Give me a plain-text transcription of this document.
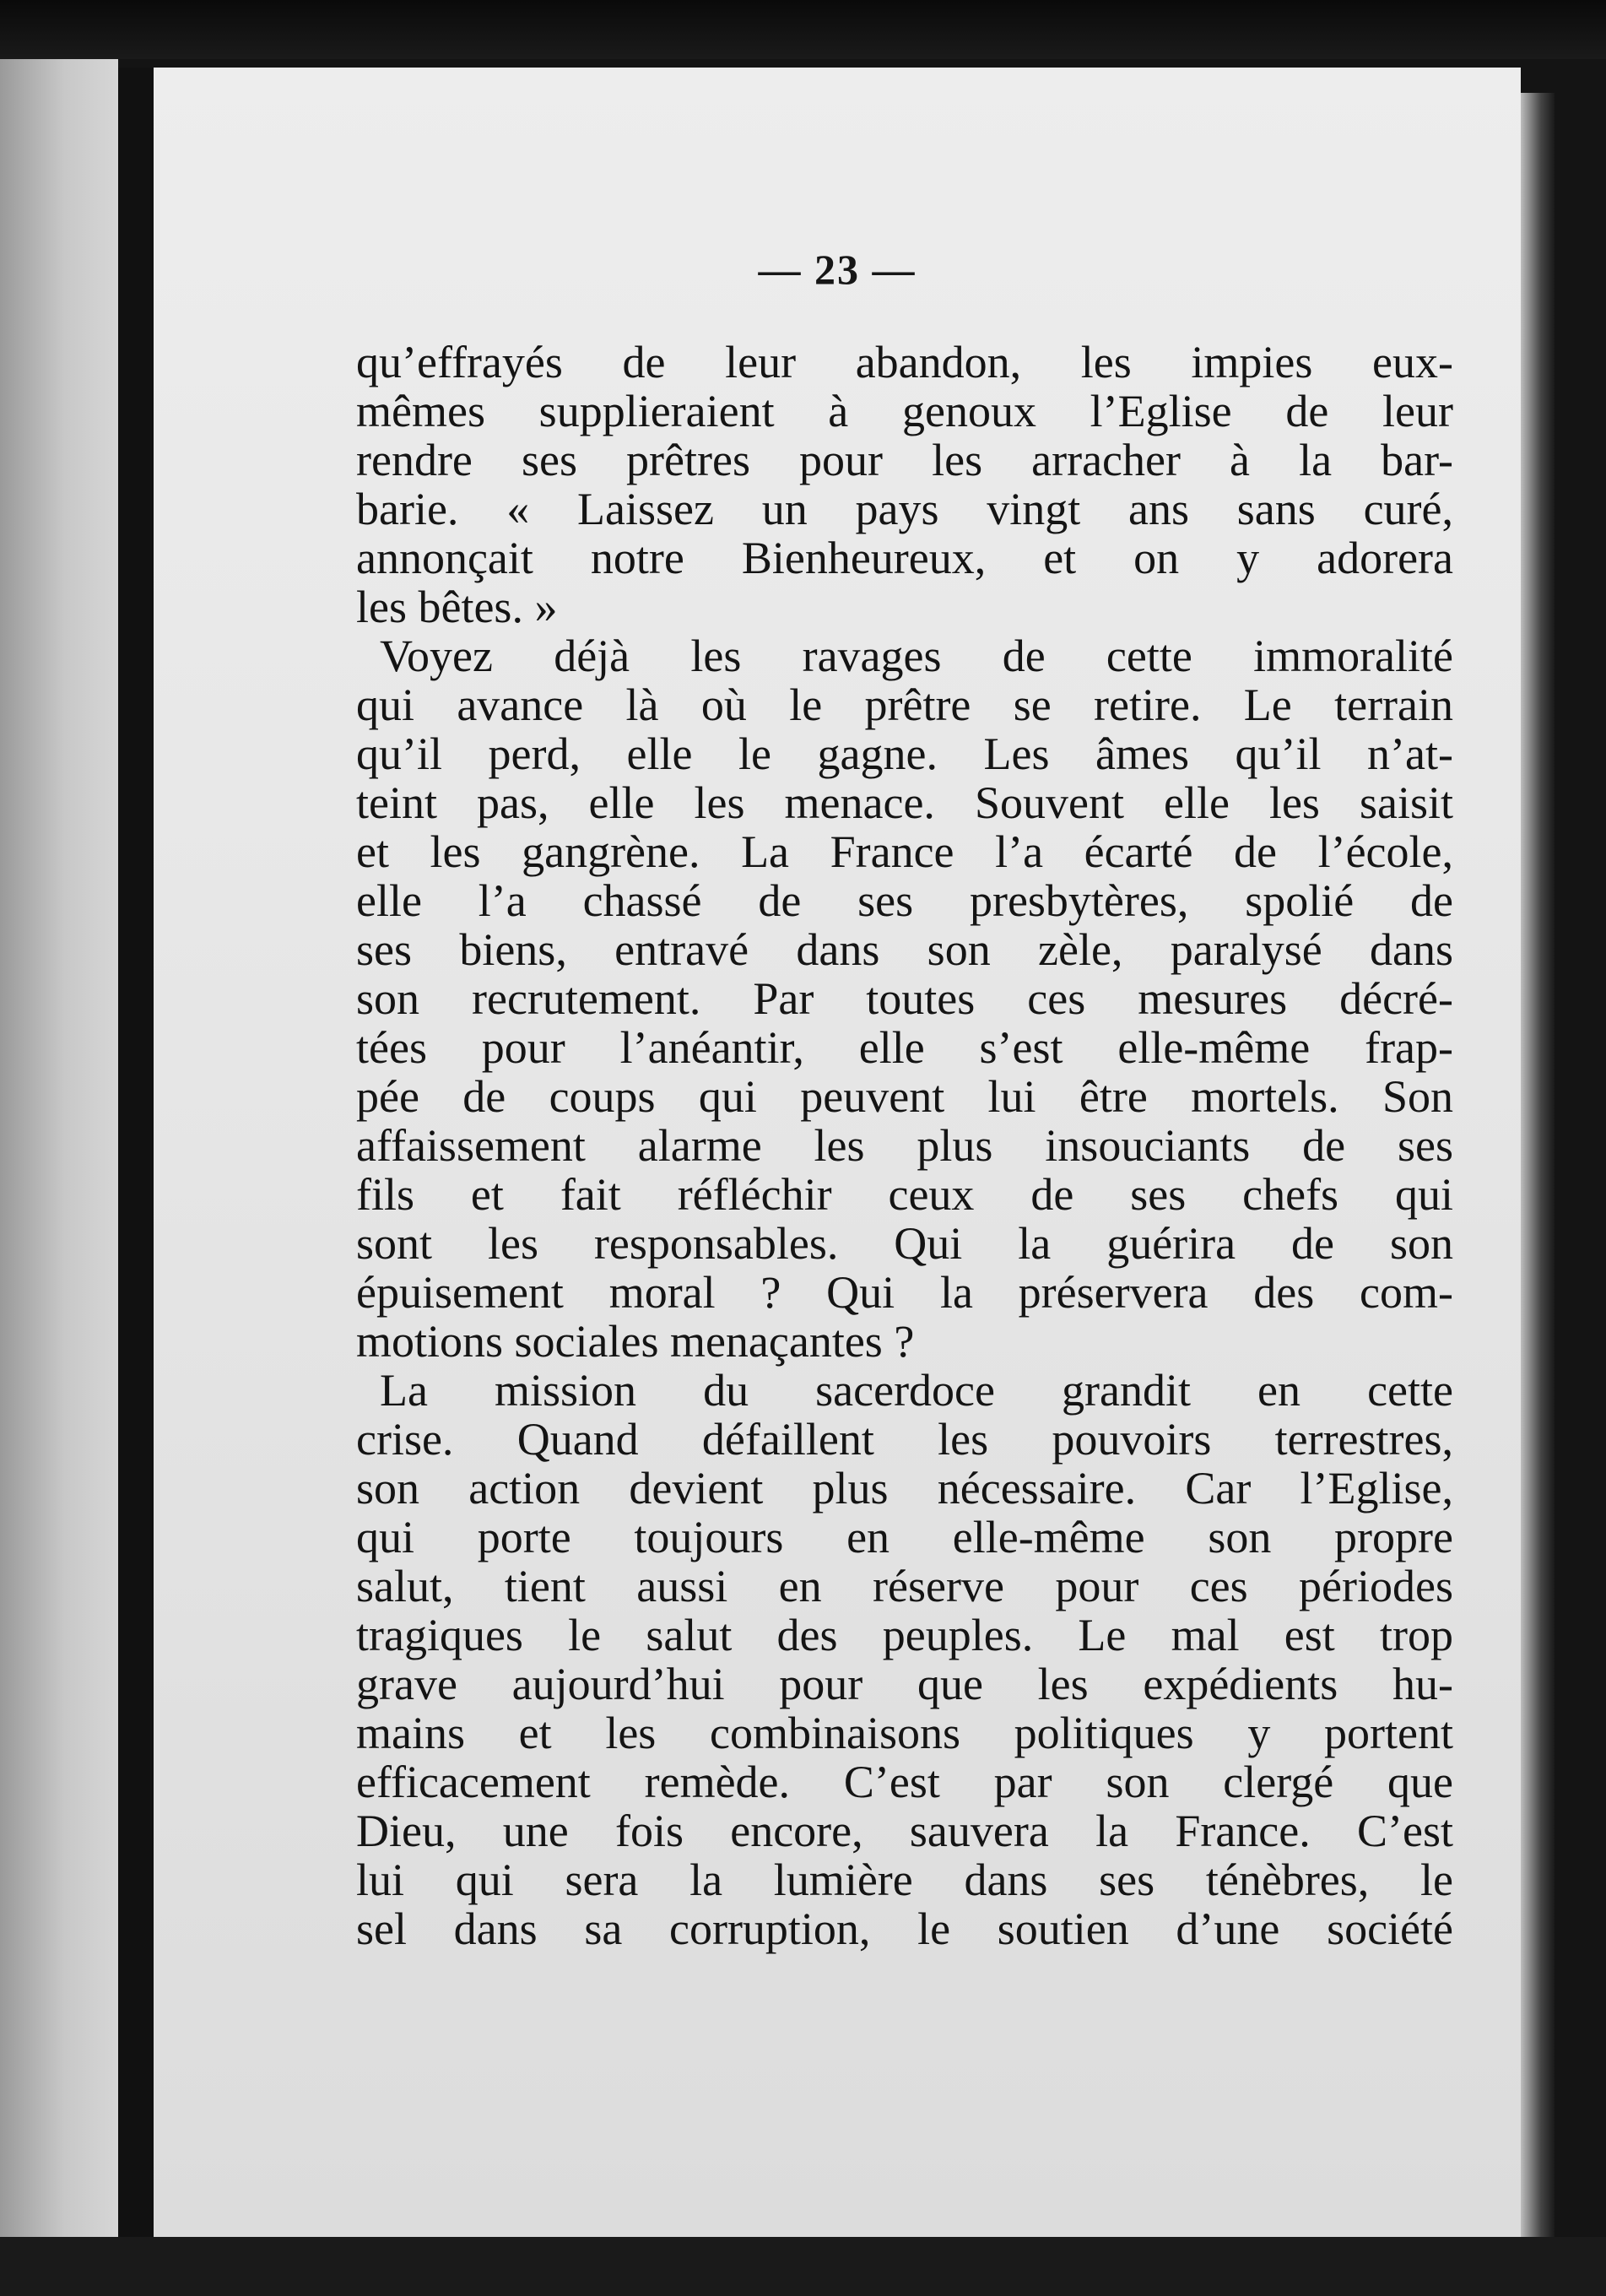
— 23 —
qu’effrayés de leur abandon, les impies eux-
mêmes supplieraient à genoux l’Eglise de leur
rendre ses prêtres pour les arracher à la bar-
barie. « Laissez un pays vingt ans sans curé,
annonçait notre Bienheureux, et on y adorera
les bêtes. »
Voyez déjà les ravages de cette immoralité
qui avance là où le prêtre se retire. Le terrain
qu’il perd, elle le gagne. Les âmes qu’il n’at-
teint pas, elle les menace. Souvent elle les saisit
et les gangrène. La France l’a écarté de l’école,
elle l’a chassé de ses presbytères, spolié de
ses biens, entravé dans son zèle, paralysé dans
son recrutement. Par toutes ces mesures décré-
tées pour l’anéantir, elle s’est elle-même frap-
pée de coups qui peuvent lui être mortels. Son
affaissement alarme les plus insouciants de ses
fils et fait réfléchir ceux de ses chefs qui
sont les responsables. Qui la guérira de son
épuisement moral ? Qui la préservera des com-
motions sociales menaçantes ?
La mission du sacerdoce grandit en cette
crise. Quand défaillent les pouvoirs terrestres,
son action devient plus nécessaire. Car l’Eglise,
qui porte toujours en elle-même son propre
salut, tient aussi en réserve pour ces périodes
tragiques le salut des peuples. Le mal est trop
grave aujourd’hui pour que les expédients hu-
mains et les combinaisons politiques y portent
efficacement remède. C’est par son clergé que
Dieu, une fois encore, sauvera la France. C’est
lui qui sera la lumière dans ses ténèbres, le
sel dans sa corruption, le soutien d’une société
